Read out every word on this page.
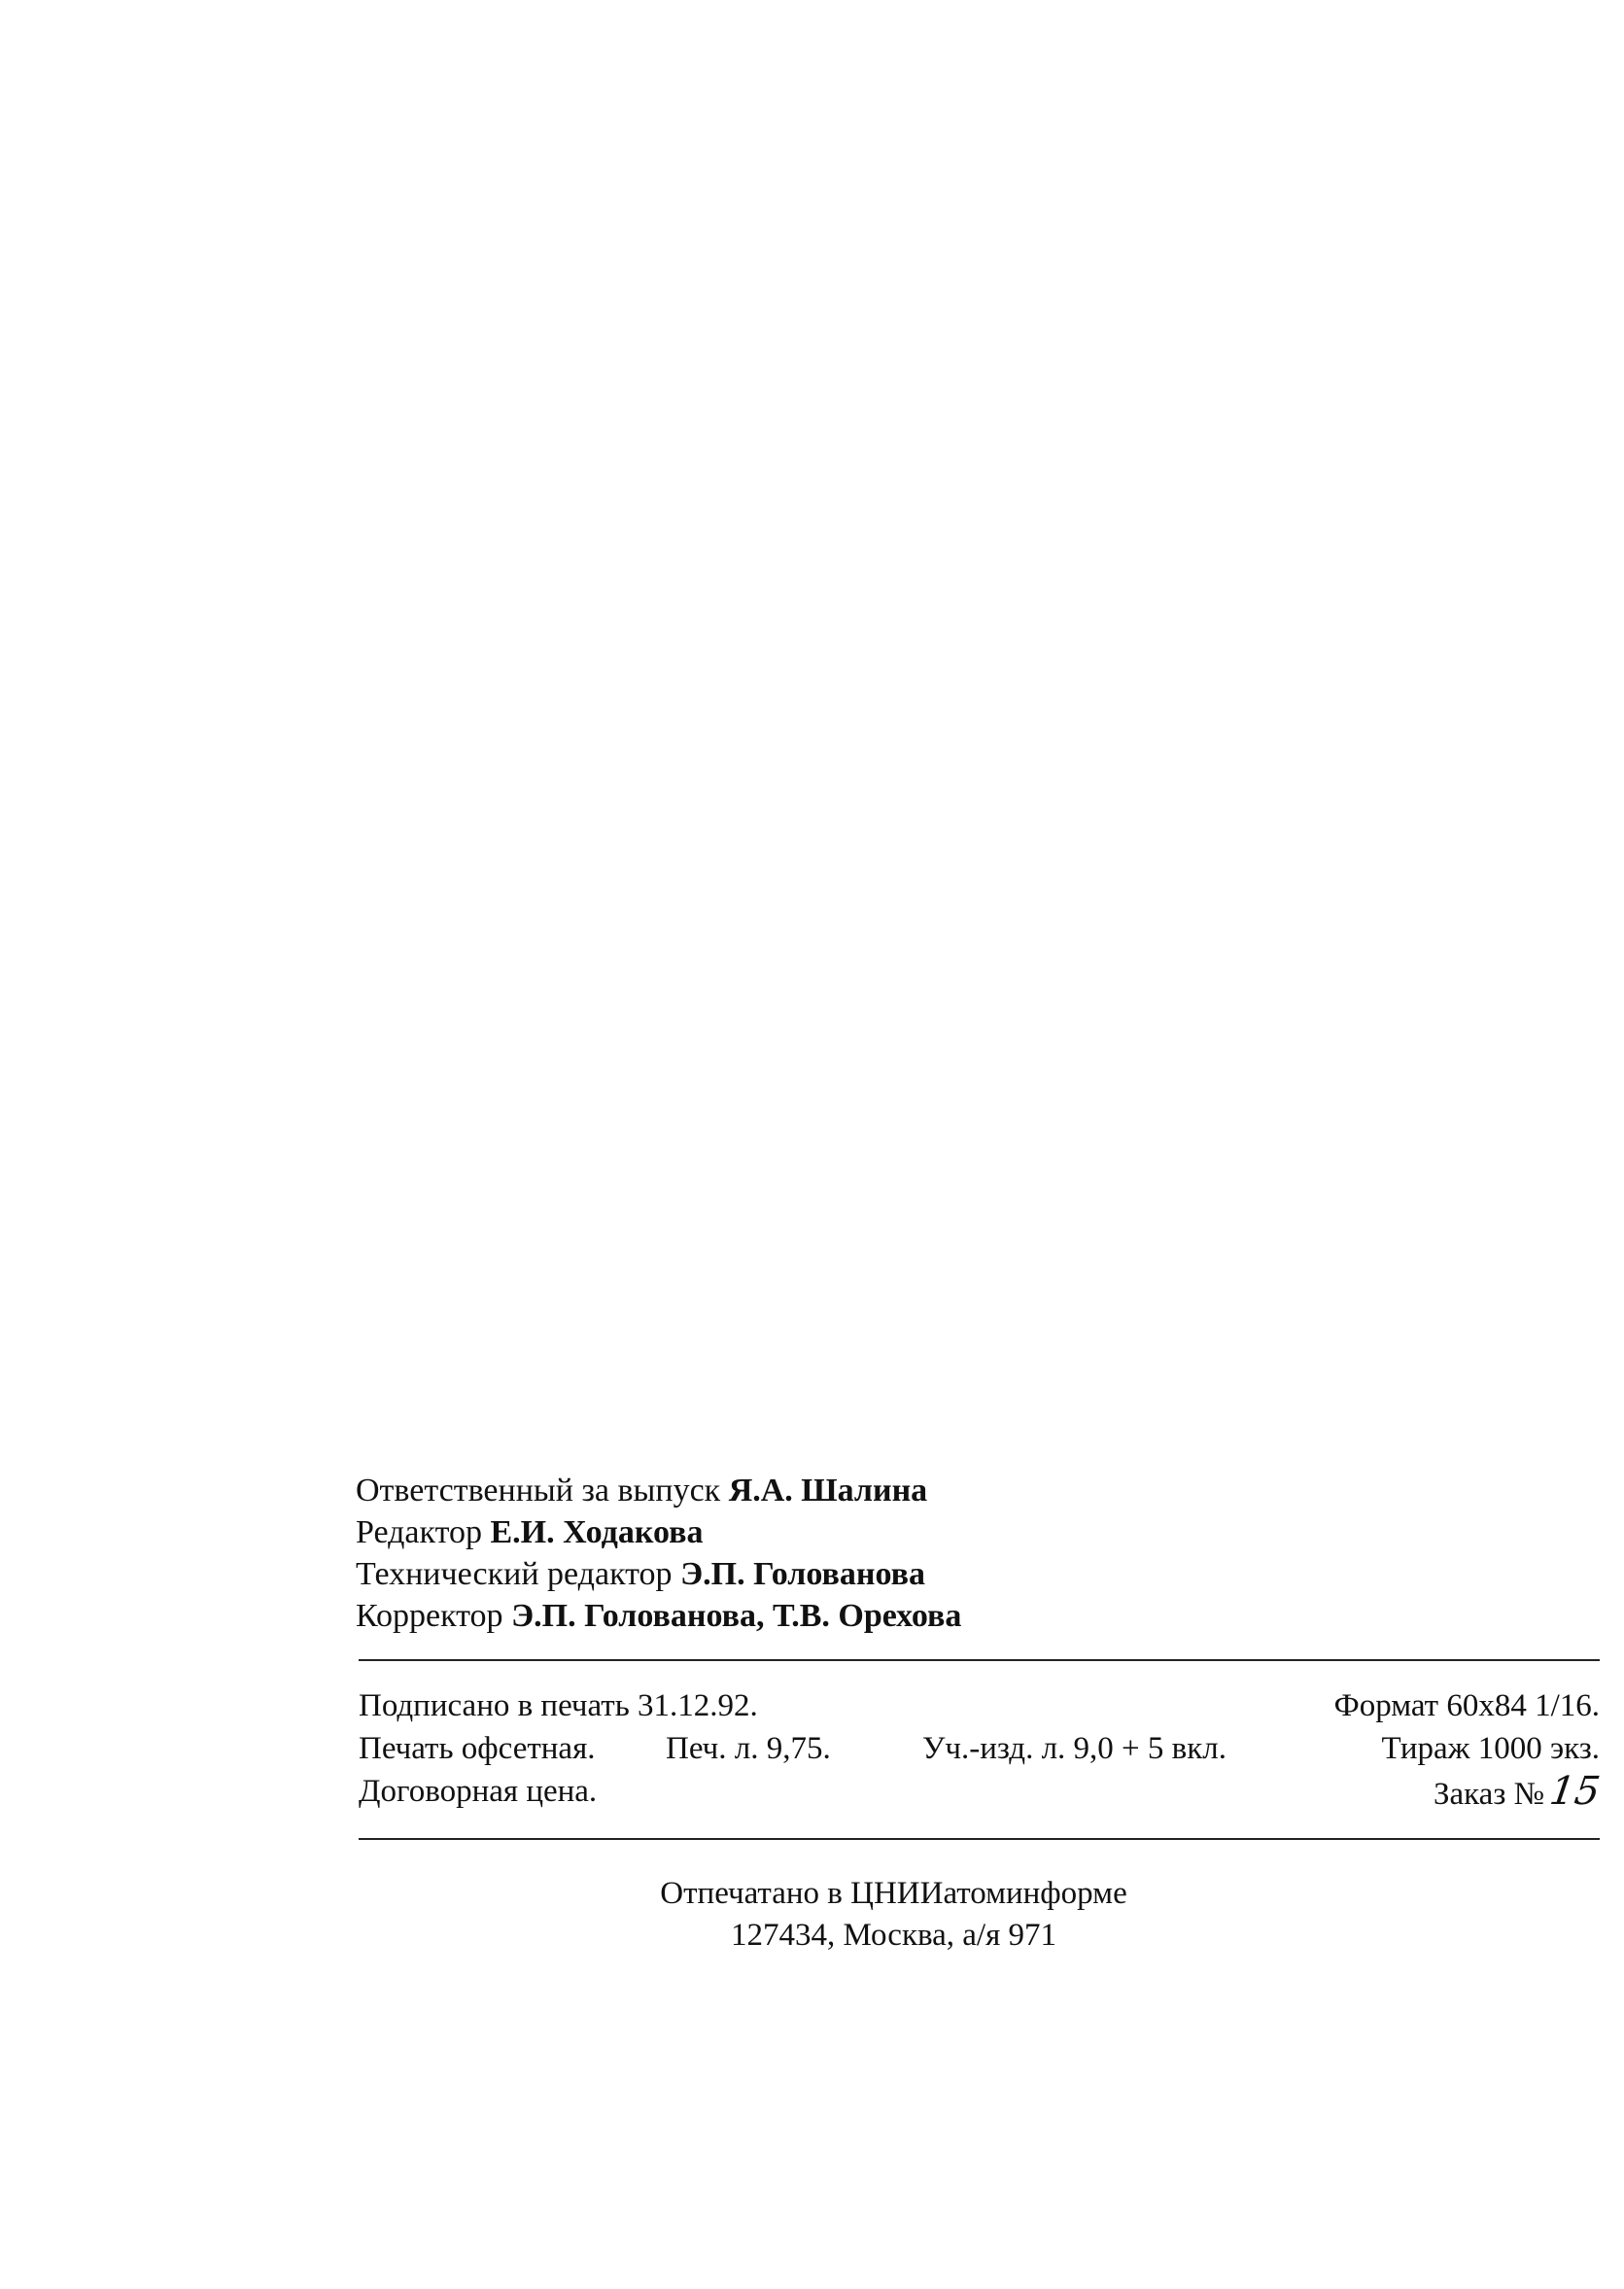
Ответственный за выпуск Я.А. Шалина
Редактор Е.И. Ходакова
Технический редактор Э.П. Голованова
Корректор Э.П. Голованова, Т.В. Орехова
Подписано в печать 31.12.92.	Формат 60x84 1/16.
Печать офсетная. Печ. л. 9,75.	Уч.-изд. л. 9,0 + 5 вкл.	Тираж 1000 экз.
Договорная цена.	Заказ №15
Отпечатано в ЦНИИатоминформе
127434, Москва, а/я 971
